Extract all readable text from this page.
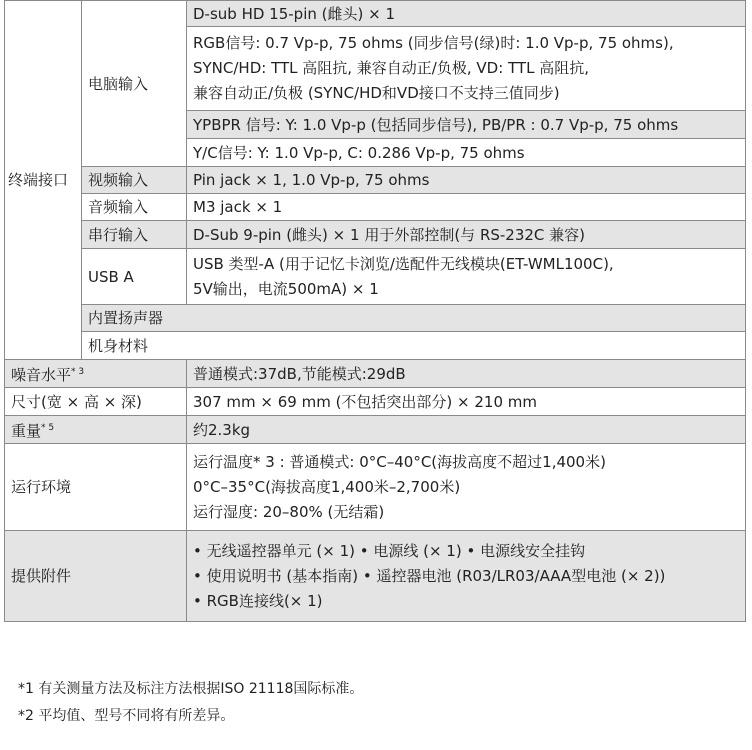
终端接口	电脑输入	D-sub HD 15-pin (雌头) × 1	

		RGB信号: 0.7 Vp-p, 75 ohms (同步信号(绿)时: 1.0 Vp-p, 75 ohms),
SYNC/HD: TTL 高阻抗, 兼容自动正/负极, VD: TTL 高阻抗,
兼容自动正/负极 (SYNC/HD和VD接口不支持三值同步)	

		YPBPR 信号: Y: 1.0 Vp-p (包括同步信号), PB/PR : 0.7 Vp-p, 75 ohms	
		Y/C信号: Y: 1.0 Vp-p, C: 0.286 Vp-p, 75 ohms	
	视频输入	Pin jack × 1, 1.0 Vp-p, 75 ohms	
	音频输入	M3 jack × 1	
	串行输入	D-Sub 9-pin (雌头) × 1 用于外部控制(与 RS-232C 兼容)	
	USB A	USB 类型-A (用于记忆卡浏览/选配件无线模块(ET-WML100C),
5V输出，电流500mA) × 1	

	内置扬声器	
	机身材料	
噪音水平$^{* 3}$		普通模式:37dB,节能模式:29dB	
尺寸(宽 × 高 × 深)		307 mm × 69 mm (不包括突出部分) × 210 mm	
重量$^{* 5}$		约2.3kg	
运行环境		运行温度* 3 : 普通模式: 0°C–40°C(海拔高度不超过1,400米)
0°C–35°C(海拔高度1,400米–2,700米)
运行湿度: 20–80% (无结霜)	

提供附件		• 无线遥控器单元 (× 1) • 电源线 (× 1) • 电源线安全挂钩
• 使用说明书 (基本指南) • 遥控器电池 (R03/LR03/AAA型电池 (× 2))
• RGB连接线(× 1)	
*1 有关测量方法及标注方法根据ISO 21118国际标准。
*2 平均值、型号不同将有所差异。
